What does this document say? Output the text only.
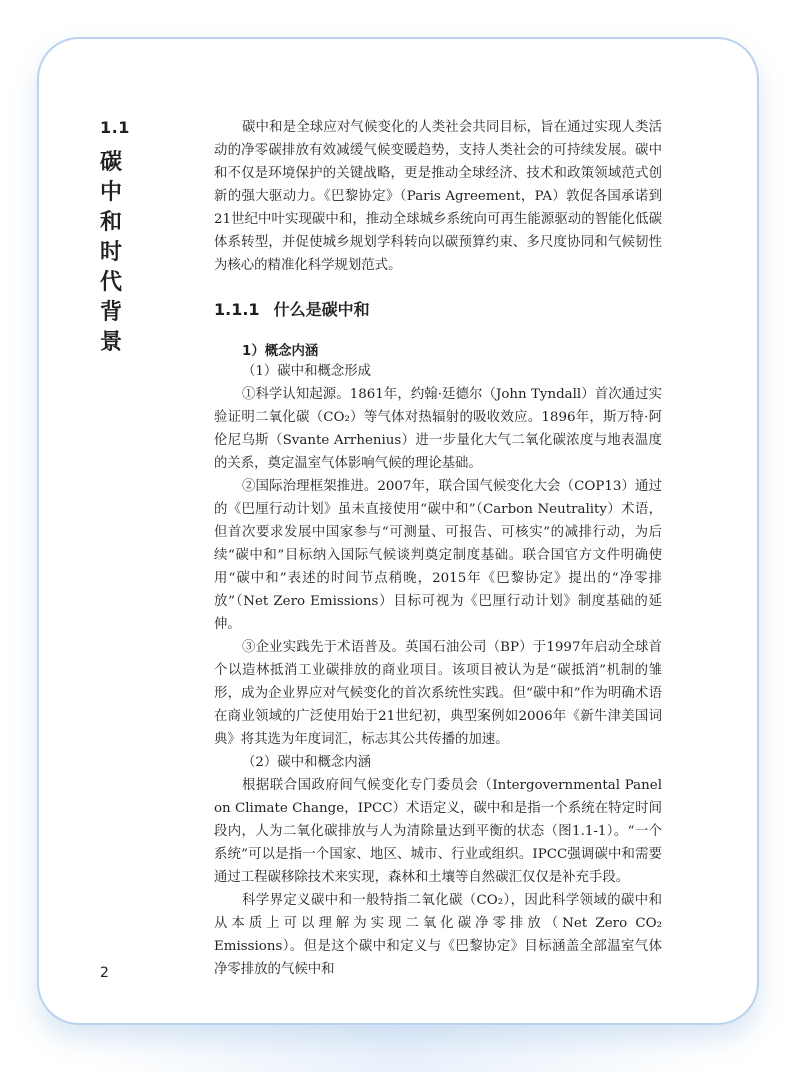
1.1
碳中和时代背景

碳中和是全球应对气候变化的人类社会共同目标，旨在通过实现人类活动的净零碳排放有效减缓气候变暖趋势，支持人类社会的可持续发展。碳中和不仅是环境保护的关键战略，更是推动全球经济、技术和政策领域范式创新的强大驱动力。《巴黎协定》（Paris Agreement，PA）敦促各国承诺到21世纪中叶实现碳中和，推动全球城乡系统向可再生能源驱动的智能化低碳体系转型，并促使城乡规划学科转向以碳预算约束、多尺度协同和气候韧性为核心的精准化科学规划范式。

1.1.1 什么是碳中和
1）概念内涵

（1）碳中和概念形成

①科学认知起源。1861年，约翰·廷德尔（John Tyndall）首次通过实验证明二氧化碳（CO₂）等气体对热辐射的吸收效应。1896年，斯万特·阿伦尼乌斯（Svante Arrhenius）进一步量化大气二氧化碳浓度与地表温度的关系，奠定温室气体影响气候的理论基础。

②国际治理框架推进。2007年，联合国气候变化大会（COP13）通过的《巴厘行动计划》虽未直接使用“碳中和”（Carbon Neutrality）术语，但首次要求发展中国家参与“可测量、可报告、可核实”的减排行动，为后续“碳中和”目标纳入国际气候谈判奠定制度基础。联合国官方文件明确使用“碳中和”表述的时间节点稍晚，2015年《巴黎协定》提出的“净零排放”（Net Zero Emissions）目标可视为《巴厘行动计划》制度基础的延伸。

③企业实践先于术语普及。英国石油公司（BP）于1997年启动全球首个以造林抵消工业碳排放的商业项目。该项目被认为是“碳抵消”机制的雏形，成为企业界应对气候变化的首次系统性实践。但“碳中和”作为明确术语在商业领域的广泛使用始于21世纪初，典型案例如2006年《新牛津美国词典》将其选为年度词汇，标志其公共传播的加速。

（2）碳中和概念内涵

根据联合国政府间气候变化专门委员会（Intergovernmental Panel on Climate Change，IPCC）术语定义，碳中和是指一个系统在特定时间段内，人为二氧化碳排放与人为清除量达到平衡的状态（图1.1-1）。“一个系统”可以是指一个国家、地区、城市、行业或组织。IPCC强调碳中和需要通过工程碳移除技术来实现，森林和土壤等自然碳汇仅仅是补充手段。

科学界定义碳中和一般特指二氧化碳（CO₂），因此科学领域的碳中和从本质上可以理解为实现二氧化碳净零排放（Net Zero CO₂ Emissions）。但是这个碳中和定义与《巴黎协定》目标涵盖全部温室气体净零排放的气候中和

2
